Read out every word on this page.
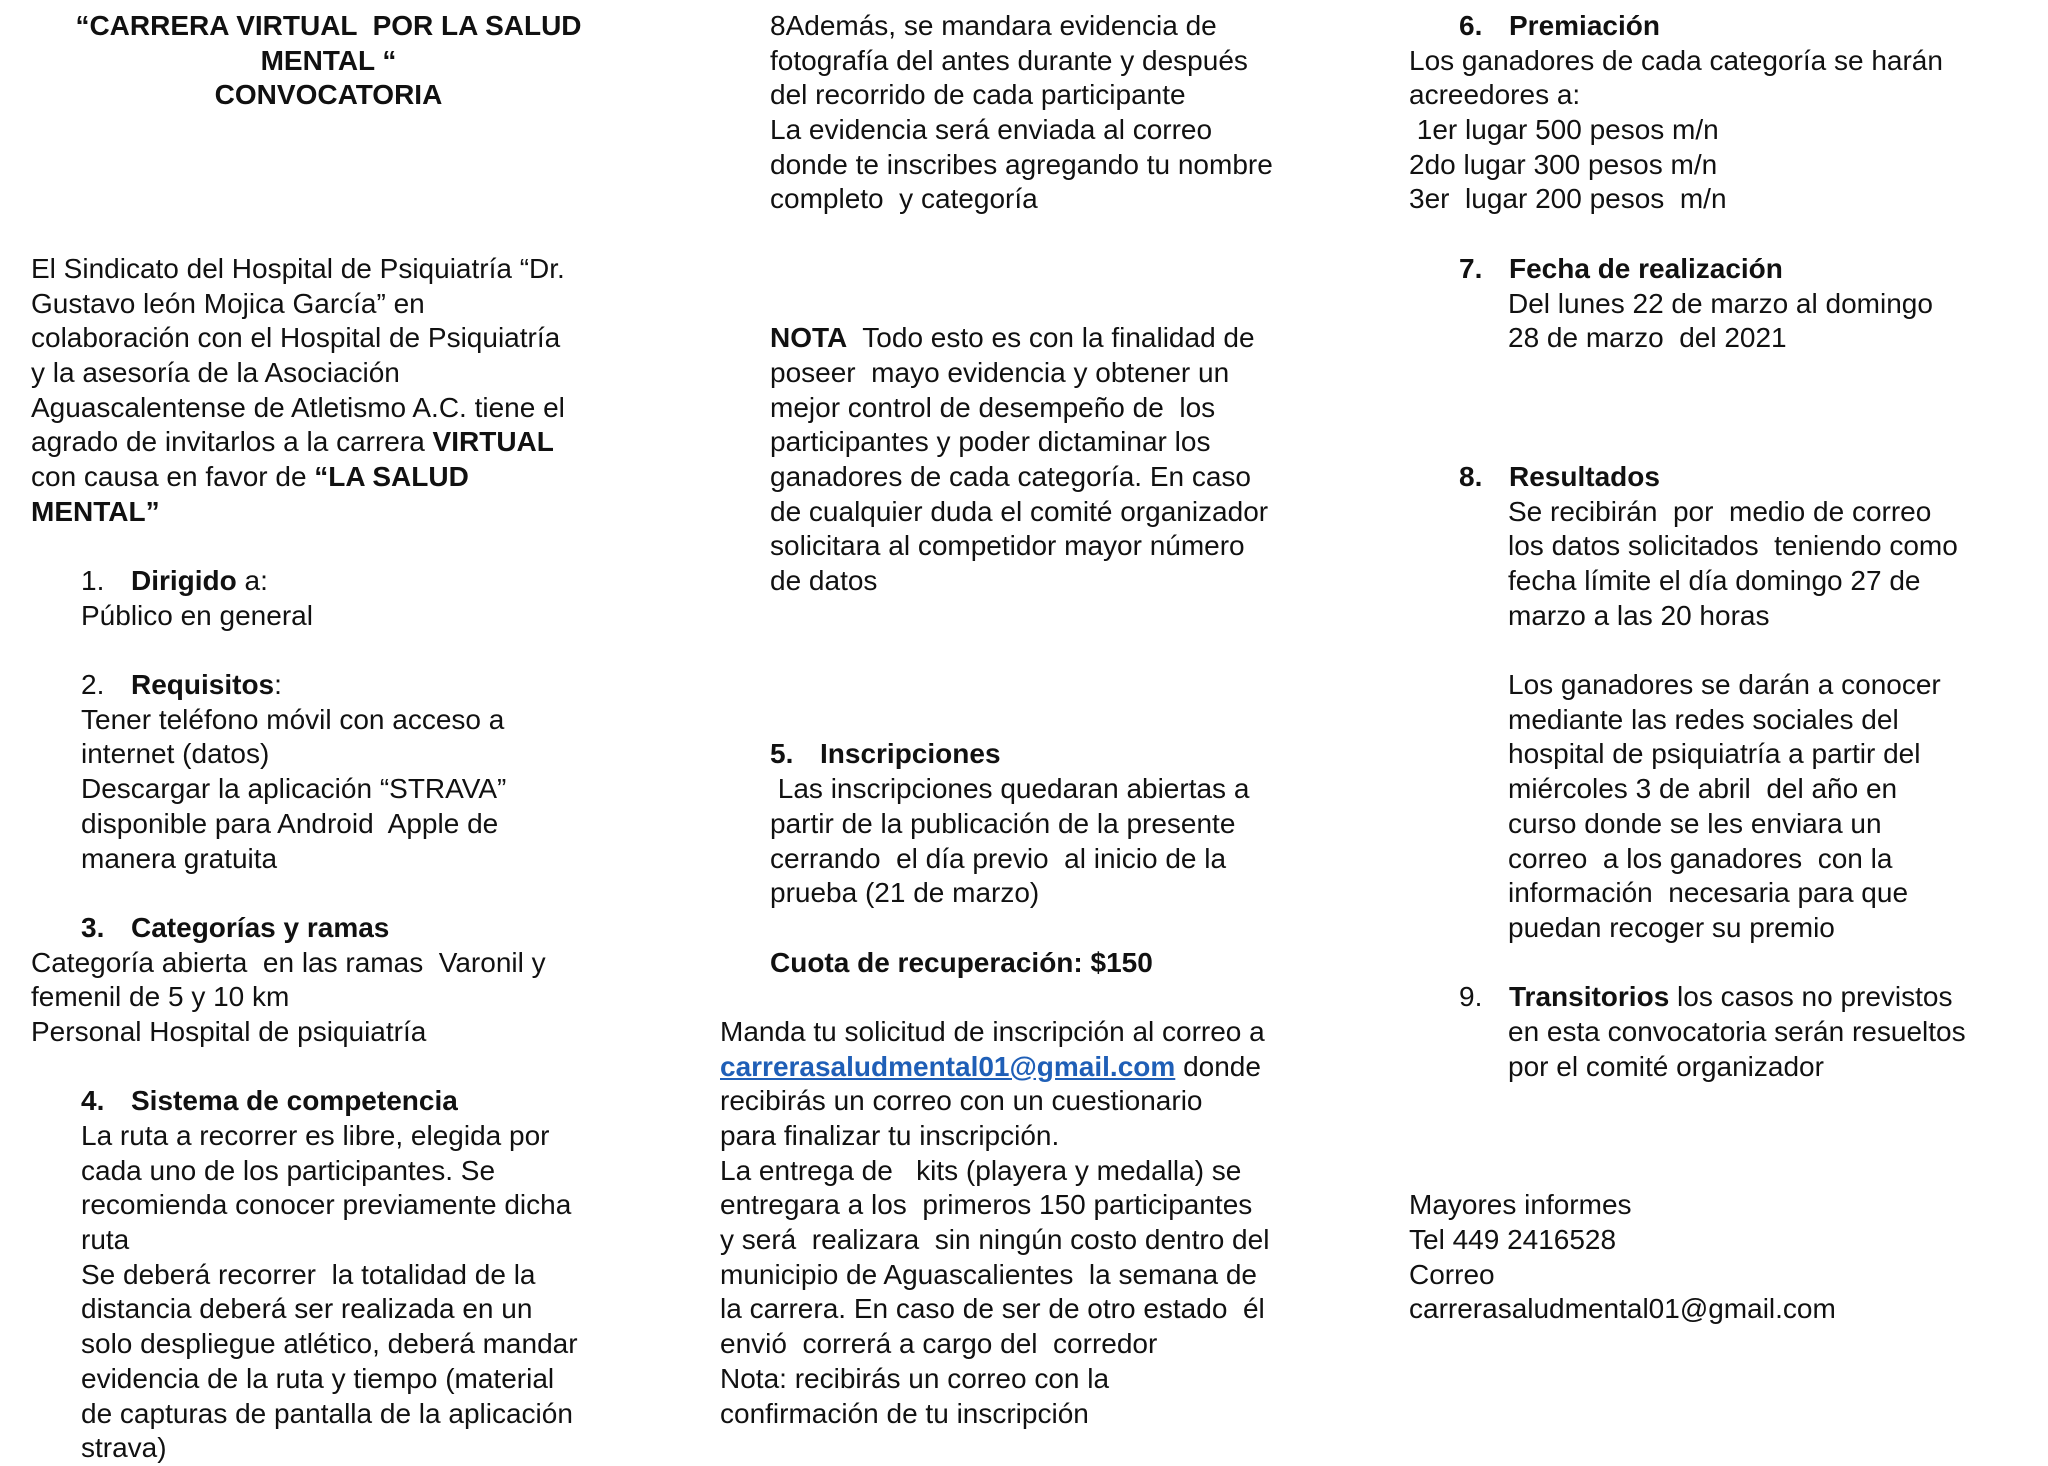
“CARRERA VIRTUAL  POR LA SALUD
MENTAL “
CONVOCATORIA
El Sindicato del Hospital de Psiquiatría “Dr.
Gustavo león Mojica García” en
colaboración con el Hospital de Psiquiatría
y la asesoría de la Asociación
Aguascalentense de Atletismo A.C. tiene el
agrado de invitarlos a la carrera VIRTUAL
con causa en favor de “LA SALUD
MENTAL”
1. Dirigido a:
Público en general
2. Requisitos:
Tener teléfono móvil con acceso a
internet (datos)
Descargar la aplicación “STRAVA”
disponible para Android  Apple de
manera gratuita
3. Categorías y ramas
Categoría abierta  en las ramas  Varonil y
femenil de 5 y 10 km
Personal Hospital de psiquiatría
4. Sistema de competencia
La ruta a recorrer es libre, elegida por
cada uno de los participantes. Se
recomienda conocer previamente dicha
ruta
Se deberá recorrer  la totalidad de la
distancia deberá ser realizada en un
solo despliegue atlético, deberá mandar
evidencia de la ruta y tiempo (material
de capturas de pantalla de la aplicación
strava)
8Además, se mandara evidencia de
fotografía del antes durante y después
del recorrido de cada participante
La evidencia será enviada al correo
donde te inscribes agregando tu nombre
completo  y categoría
NOTA  Todo esto es con la finalidad de
poseer  mayo evidencia y obtener un
mejor control de desempeño de  los
participantes y poder dictaminar los
ganadores de cada categoría. En caso
de cualquier duda el comité organizador
solicitara al competidor mayor número
de datos
5. Inscripciones
Las inscripciones quedaran abiertas a
partir de la publicación de la presente
cerrando  el día previo  al inicio de la
prueba (21 de marzo)
Cuota de recuperación: $150
Manda tu solicitud de inscripción al correo a
carrerasaludmental01@gmail.com donde
recibirás un correo con un cuestionario
para finalizar tu inscripción.
La entrega de   kits (playera y medalla) se
entregara a los  primeros 150 participantes
y será  realizara  sin ningún costo dentro del
municipio de Aguascalientes  la semana de
la carrera. En caso de ser de otro estado  él
envió  correrá a cargo del  corredor
Nota: recibirás un correo con la
confirmación de tu inscripción
6. Premiación
Los ganadores de cada categoría se harán
acreedores a:
1er lugar 500 pesos m/n
2do lugar 300 pesos m/n
3er  lugar 200 pesos  m/n
7. Fecha de realización
Del lunes 22 de marzo al domingo
28 de marzo  del 2021
8. Resultados
Se recibirán  por  medio de correo
los datos solicitados  teniendo como
fecha límite el día domingo 27 de
marzo a las 20 horas
Los ganadores se darán a conocer
mediante las redes sociales del
hospital de psiquiatría a partir del
miércoles 3 de abril  del año en
curso donde se les enviara un
correo  a los ganadores  con la
información  necesaria para que
puedan recoger su premio
9. Transitorios los casos no previstos
en esta convocatoria serán resueltos
por el comité organizador
Mayores informes
Tel 449 2416528
Correo
carrerasaludmental01@gmail.com
